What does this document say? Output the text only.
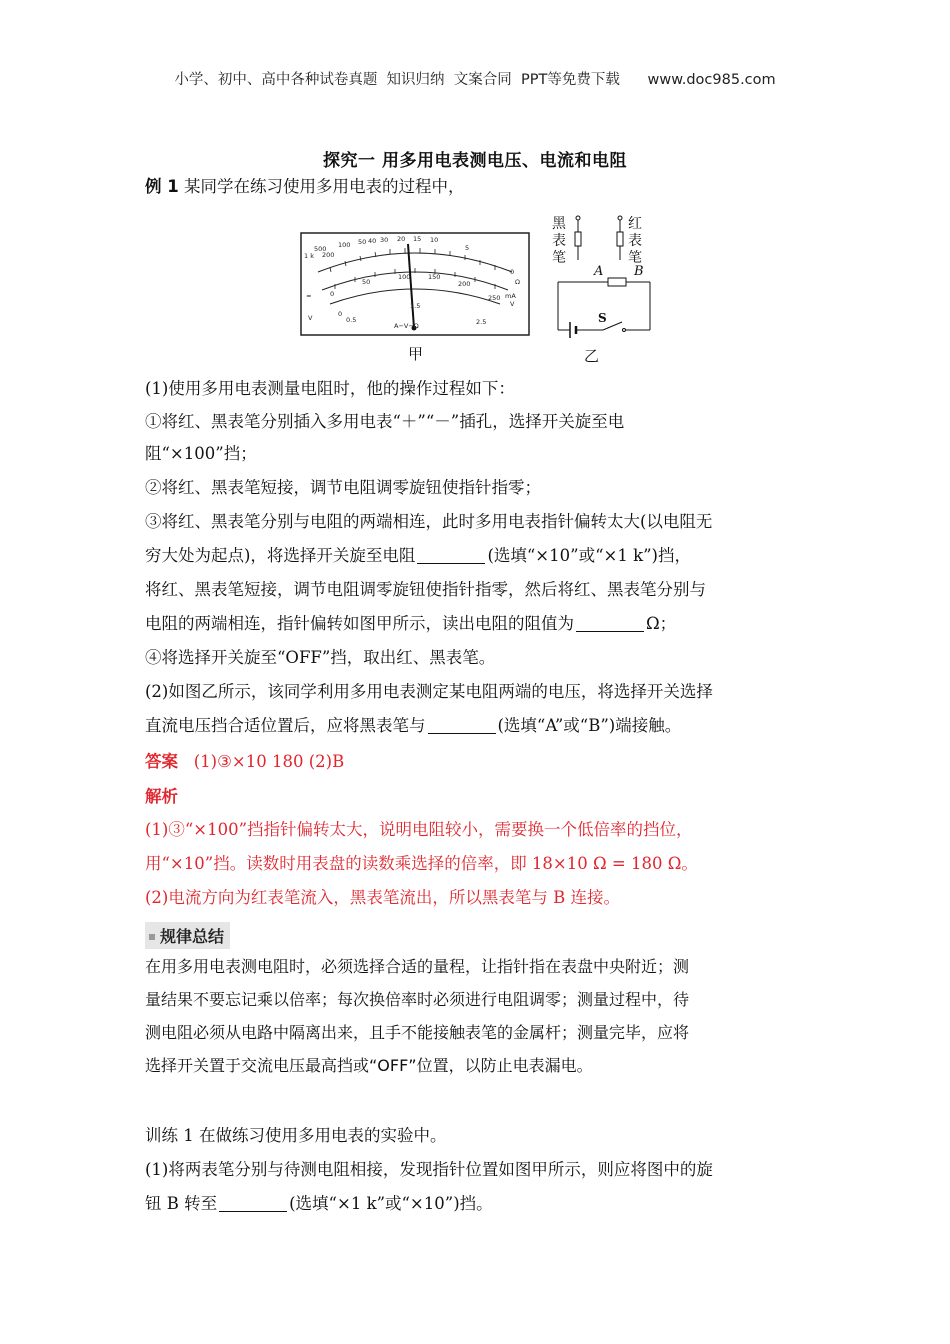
小学、初中、高中各种试卷真题  知识归纳  文案合同  PPT等免费下载      www.doc985.com
探究一 用多用电表测电压、电流和电阻
例 1 某同学在练习使用多用电表的过程中，
1 k
500
200
100 50 40 30 20 15 10
5
0
Ω
0
50
100	150
200
250 mA
V
0
0.5
1.5
2.5
A−V−Ω
≈
V
甲
黑
表
笔
红
表
笔
A B
S
乙
(1)使用多用电表测量电阻时，他的操作过程如下：
①将红、黑表笔分别插入多用电表“＋”“－”插孔，选择开关旋至电
阻“×100”挡；
②将红、黑表笔短接，调节电阻调零旋钮使指针指零；
③将红、黑表笔分别与电阻的两端相连，此时多用电表指针偏转太大(以电阻无
穷大处为起点)，将选择开关旋至电阻	(选填“×10”或“×1 k”)挡，
将红、黑表笔短接，调节电阻调零旋钮使指针指零，然后将红、黑表笔分别与
电阻的两端相连，指针偏转如图甲所示，读出电阻的阻值为	Ω；
④将选择开关旋至“OFF”挡，取出红、黑表笔。
(2)如图乙所示，该同学利用多用电表测定某电阻两端的电压，将选择开关选择
直流电压挡合适位置后，应将黑表笔与	(选填“A”或“B”)端接触。
答案 (1)③×10 180 (2)B
解析
(1)③“×100”挡指针偏转太大，说明电阻较小，需要换一个低倍率的挡位，
用“×10”挡。读数时用表盘的读数乘选择的倍率，即 18×10 Ω = 180 Ω。
(2)电流方向为红表笔流入，黑表笔流出，所以黑表笔与 B 连接。
规律总结
在用多用电表测电阻时，必须选择合适的量程，让指针指在表盘中央附近；测
量结果不要忘记乘以倍率；每次换倍率时必须进行电阻调零；测量过程中，待
测电阻必须从电路中隔离出来，且手不能接触表笔的金属杆；测量完毕，应将
选择开关置于交流电压最高挡或“OFF”位置，以防止电表漏电。
训练 1 在做练习使用多用电表的实验中。
(1)将两表笔分别与待测电阻相接，发现指针位置如图甲所示，则应将图中的旋
钮 B 转至	(选填“×1 k”或“×10”)挡。
